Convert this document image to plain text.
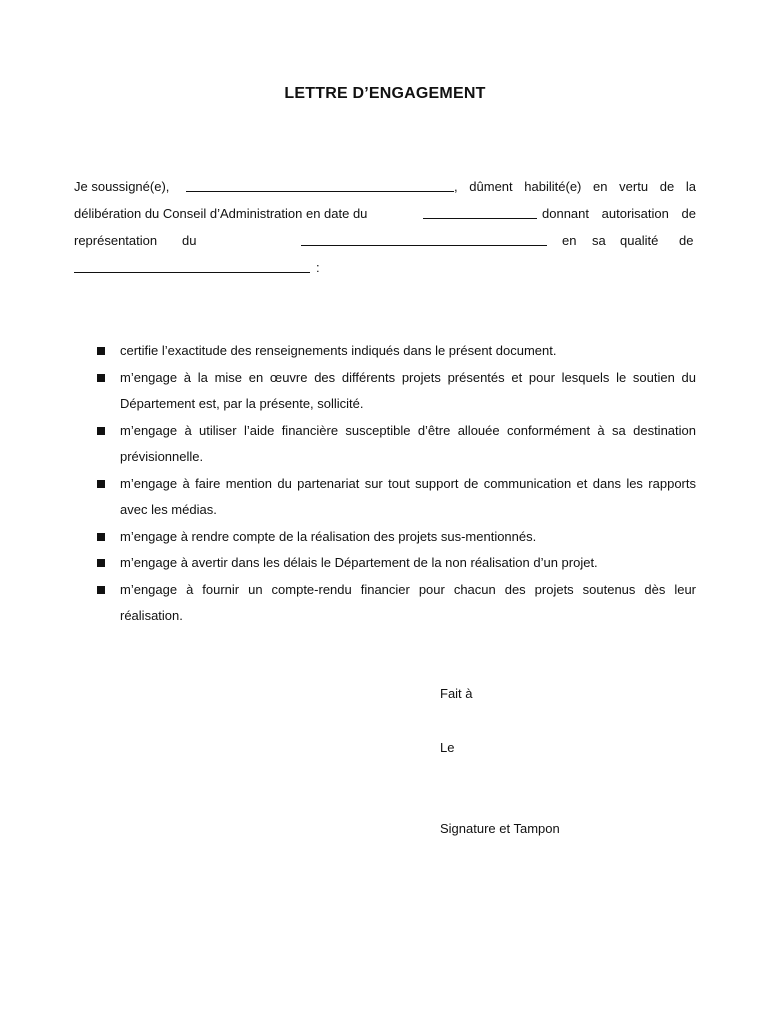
LETTRE D’ENGAGEMENT
Je soussigné(e),	, dûment habilité(e) en vertu de la
délibération du Conseil d’Administration en date du	donnant autorisation de
représentation du	en sa qualité de
:
certifie l’exactitude des renseignements indiqués dans le présent document.
m’engage à la mise en œuvre des différents projets présentés et pour lesquels le soutien du Département est, par la présente, sollicité.
m’engage à utiliser l’aide financière susceptible d’être allouée conformément à sa destination prévisionnelle.
m’engage à faire mention du partenariat sur tout support de communication et dans les rapports avec les médias.
m’engage à rendre compte de la réalisation des projets sus-mentionnés.
m’engage à avertir dans les délais le Département de la non réalisation d’un projet.
m’engage à fournir un compte-rendu financier pour chacun des projets soutenus dès leur réalisation.
Fait à
Le
Signature et Tampon
